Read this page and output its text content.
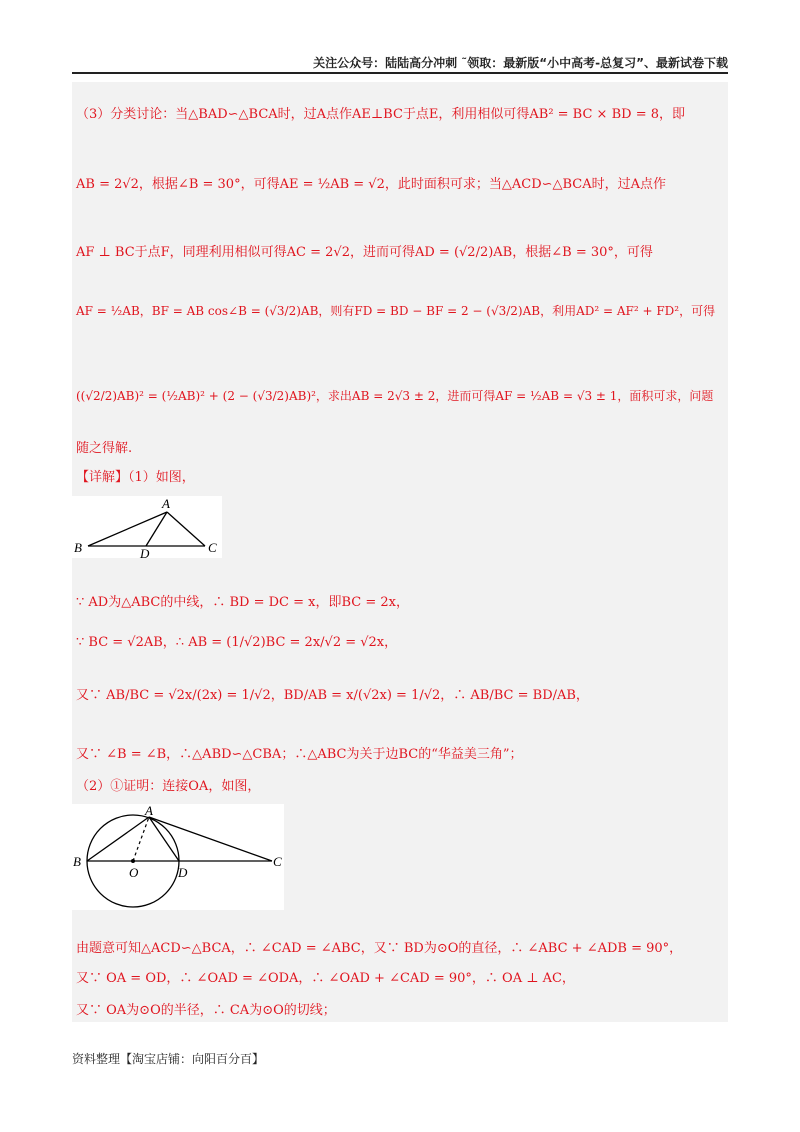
关注公众号：陆陆高分冲刺 ˜领取：最新版“小中高考-总复习”、最新试卷下载
（3）分类讨论：当△BAD∽△BCA时，过A点作AE⊥BC于点E，利用相似可得AB² = BC × BD = 8，即
AB = 2√2，根据∠B = 30°，可得AE = ½AB = √2，此时面积可求；当△ACD∽△BCA时，过A点作
AF ⊥ BC于点F，同理利用相似可得AC = 2√2，进而可得AD = (√2/2)AB，根据∠B = 30°，可得
AF = ½AB，BF = AB cos∠B = (√3/2)AB，则有FD = BD − BF = 2 − (√3/2)AB，利用AD² = AF² + FD²，可得
((√2/2)AB)² = (½AB)² + (2 − (√3/2)AB)²，求出AB = 2√3 ± 2，进而可得AF = ½AB = √3 ± 1，面积可求，问题
随之得解.
【详解】（1）如图，
A
B	C
D
∵ AD为△ABC的中线，∴ BD = DC = x，即BC = 2x，
∵ BC = √2AB，∴ AB = (1/√2)BC = 2x/√2 = √2x，
又∵ AB/BC = √2x/(2x) = 1/√2，BD/AB = x/(√2x) = 1/√2，∴ AB/BC = BD/AB，
又∵ ∠B = ∠B，∴△ABD∽△CBA；∴△ABC为关于边BC的“华益美三角”；
（2）①证明：连接OA，如图，
A
B	C
D
O
由题意可知△ACD∽△BCA，∴ ∠CAD = ∠ABC，又∵ BD为⊙O的直径，∴ ∠ABC + ∠ADB = 90°，
又∵ OA = OD，∴ ∠OAD = ∠ODA，∴ ∠OAD + ∠CAD = 90°，∴ OA ⊥ AC，
又∵ OA为⊙O的半径，∴ CA为⊙O的切线；
资料整理【淘宝店铺：向阳百分百】
